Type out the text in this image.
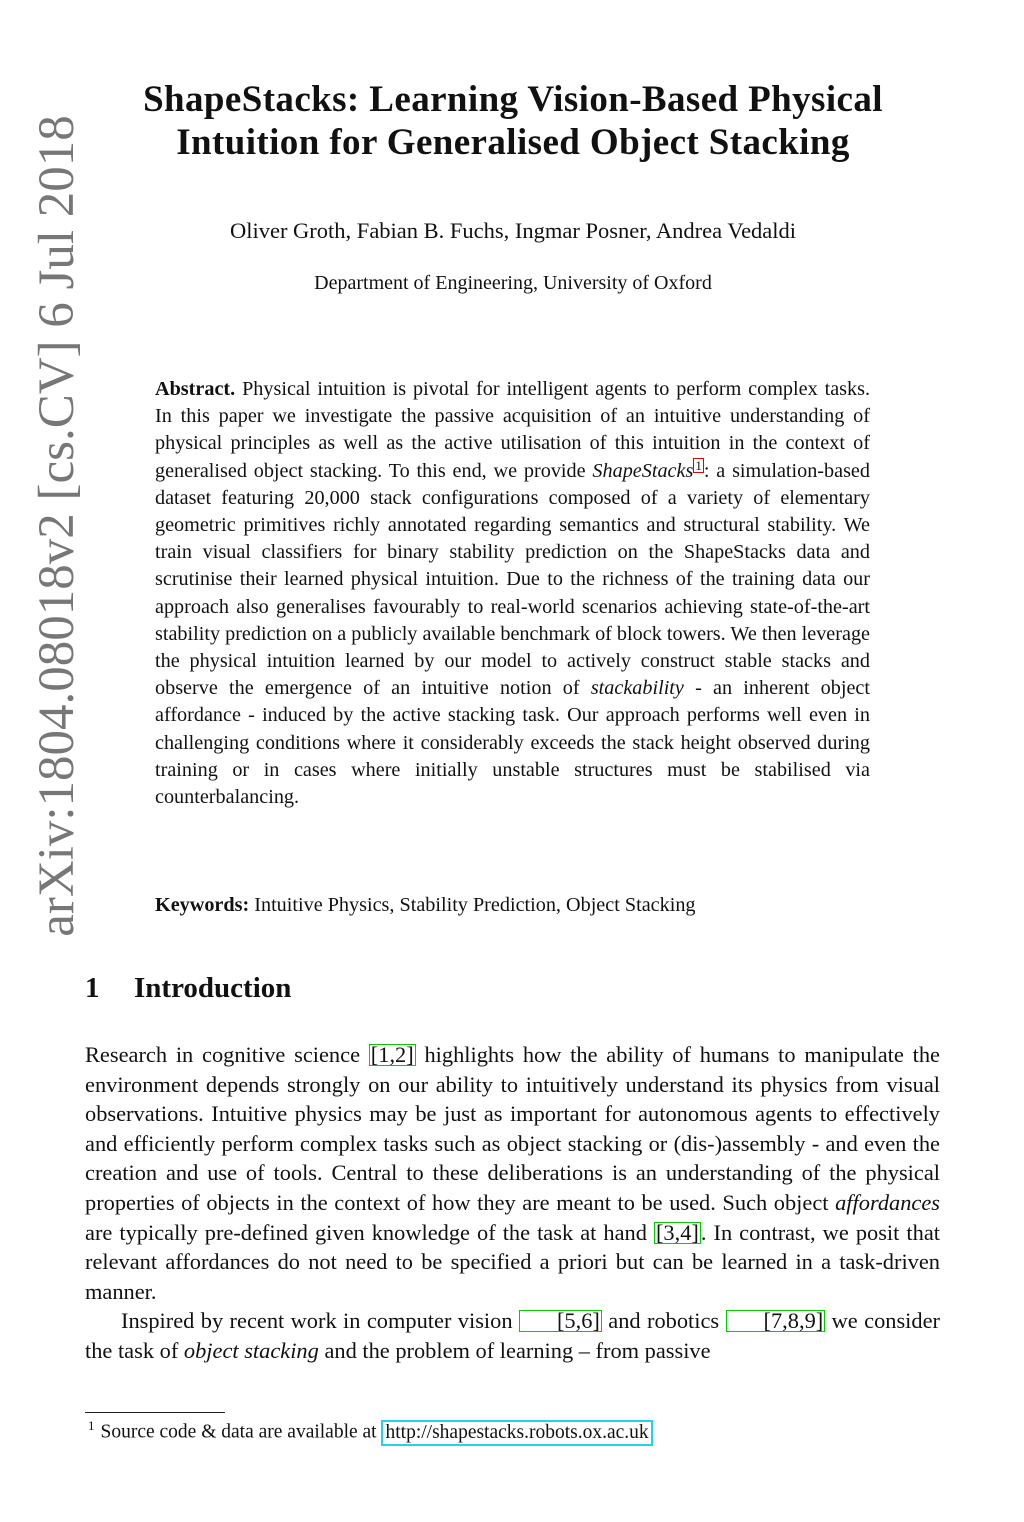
arXiv:1804.08018v2 [cs.CV] 6 Jul 2018
ShapeStacks: Learning Vision-Based Physical
Intuition for Generalised Object Stacking
Oliver Groth, Fabian B. Fuchs, Ingmar Posner, Andrea Vedaldi
Department of Engineering, University of Oxford
Abstract. Physical intuition is pivotal for intelligent agents to perform complex tasks. In this paper we investigate the passive acquisition of an intuitive understanding of physical principles as well as the active utilisation of this intuition in the context of generalised object stacking. To this end, we provide ShapeStacks 1: a simulation-based dataset featuring 20,000 stack configurations composed of a variety of elementary geometric primitives richly annotated regarding semantics and structural stability. We train visual classifiers for binary stability prediction on the ShapeStacks data and scrutinise their learned physical intuition. Due to the richness of the training data our approach also generalises favourably to real-world scenarios achieving state-of-the-art stability prediction on a publicly available benchmark of block towers. We then leverage the physical intuition learned by our model to actively construct stable stacks and observe the emergence of an intuitive notion of stackability - an inherent object affordance - induced by the active stacking task. Our approach performs well even in challenging conditions where it considerably exceeds the stack height observed during training or in cases where initially unstable structures must be stabilised via counterbalancing.
Keywords: Intuitive Physics, Stability Prediction, Object Stacking
1 Introduction

Research in cognitive science [1,2] highlights how the ability of humans to manipulate the environment depends strongly on our ability to intuitively understand its physics from visual observations. Intuitive physics may be just as important for autonomous agents to effectively and efficiently perform complex tasks such as object stacking or (dis-)assembly - and even the creation and use of tools. Central to these deliberations is an understanding of the physical properties of objects in the context of how they are meant to be used. Such object affordances are typically pre-defined given knowledge of the task at hand [3,4]. In contrast, we posit that relevant affordances do not need to be specified a priori but can be learned in a task-driven manner.

Inspired by recent work in computer vision [5,6] and robotics [7,8,9] we consider the task of object stacking and the problem of learning – from passive

$^1$ Source code & data are available at http://shapestacks.robots.ox.ac.uk
